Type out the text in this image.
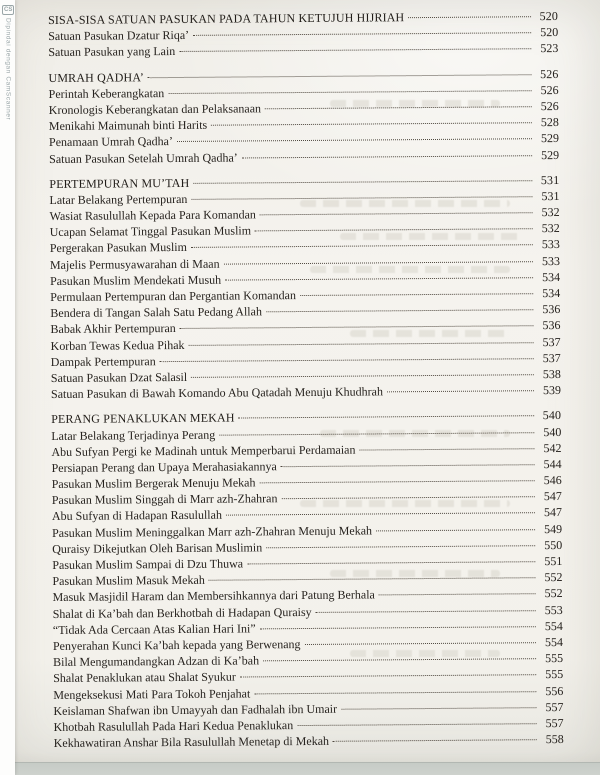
SISA-SISA SATUAN PASUKAN PADA TAHUN KETUJUH HIJRIAH	520
Satuan Pasukan Dzatur Riqa’	520
Satuan Pasukan yang Lain	523
UMRAH QADHA’	526
Perintah Keberangkatan	526
Kronologis Keberangkatan dan Pelaksanaan	526
Menikahi Maimunah binti Harits	528
Penamaan Umrah Qadha’	529
Satuan Pasukan Setelah Umrah Qadha’	529
PERTEMPURAN MU’TAH	531
Latar Belakang Pertempuran	531
Wasiat Rasulullah Kepada Para Komandan	532
Ucapan Selamat Tinggal Pasukan Muslim	532
Pergerakan Pasukan Muslim	533
Majelis Permusyawarahan di Maan	533
Pasukan Muslim Mendekati Musuh	534
Permulaan Pertempuran dan Pergantian Komandan	534
Bendera di Tangan Salah Satu Pedang Allah	536
Babak Akhir Pertempuran	536
Korban Tewas Kedua Pihak	537
Dampak Pertempuran	537
Satuan Pasukan Dzat Salasil	538
Satuan Pasukan di Bawah Komando Abu Qatadah Menuju Khudhrah	539
PERANG PENAKLUKAN MEKAH	540
Latar Belakang Terjadinya Perang	540
Abu Sufyan Pergi ke Madinah untuk Memperbarui Perdamaian	542
Persiapan Perang dan Upaya Merahasiakannya	544
Pasukan Muslim Bergerak Menuju Mekah	546
Pasukan Muslim Singgah di Marr azh-Zhahran	547
Abu Sufyan di Hadapan Rasulullah	547
Pasukan Muslim Meninggalkan Marr azh-Zhahran Menuju Mekah	549
Quraisy Dikejutkan Oleh Barisan Muslimin	550
Pasukan Muslim Sampai di Dzu Thuwa	551
Pasukan Muslim Masuk Mekah	552
Masuk Masjidil Haram dan Membersihkannya dari Patung Berhala	552
Shalat di Ka’bah dan Berkhotbah di Hadapan Quraisy	553
“Tidak Ada Cercaan Atas Kalian Hari Ini”	554
Penyerahan Kunci Ka’bah kepada yang Berwenang	554
Bilal Mengumandangkan Adzan di Ka’bah	555
Shalat Penaklukan atau Shalat Syukur	555
Mengeksekusi Mati Para Tokoh Penjahat	556
Keislaman Shafwan ibn Umayyah dan Fadhalah ibn Umair	557
Khotbah Rasulullah Pada Hari Kedua Penaklukan	557
Kekhawatiran Anshar Bila Rasulullah Menetap di Mekah	558
CS
Dipindai dengan CamScanner
